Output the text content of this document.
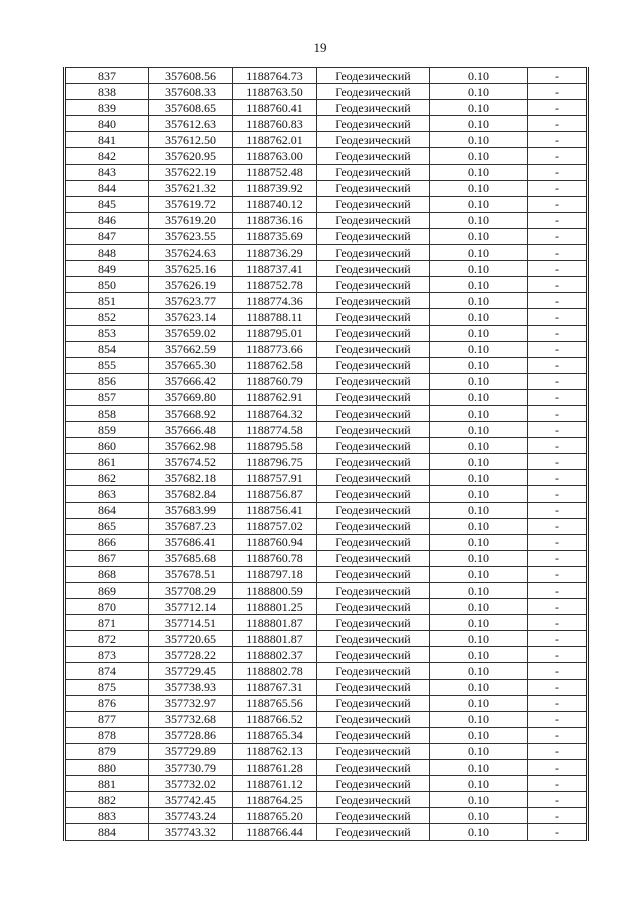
19
837	357608.56	1188764.73	Геодезический	0.10	-
838	357608.33	1188763.50	Геодезический	0.10	-
839	357608.65	1188760.41	Геодезический	0.10	-
840	357612.63	1188760.83	Геодезический	0.10	-
841	357612.50	1188762.01	Геодезический	0.10	-
842	357620.95	1188763.00	Геодезический	0.10	-
843	357622.19	1188752.48	Геодезический	0.10	-
844	357621.32	1188739.92	Геодезический	0.10	-
845	357619.72	1188740.12	Геодезический	0.10	-
846	357619.20	1188736.16	Геодезический	0.10	-
847	357623.55	1188735.69	Геодезический	0.10	-
848	357624.63	1188736.29	Геодезический	0.10	-
849	357625.16	1188737.41	Геодезический	0.10	-
850	357626.19	1188752.78	Геодезический	0.10	-
851	357623.77	1188774.36	Геодезический	0.10	-
852	357623.14	1188788.11	Геодезический	0.10	-
853	357659.02	1188795.01	Геодезический	0.10	-
854	357662.59	1188773.66	Геодезический	0.10	-
855	357665.30	1188762.58	Геодезический	0.10	-
856	357666.42	1188760.79	Геодезический	0.10	-
857	357669.80	1188762.91	Геодезический	0.10	-
858	357668.92	1188764.32	Геодезический	0.10	-
859	357666.48	1188774.58	Геодезический	0.10	-
860	357662.98	1188795.58	Геодезический	0.10	-
861	357674.52	1188796.75	Геодезический	0.10	-
862	357682.18	1188757.91	Геодезический	0.10	-
863	357682.84	1188756.87	Геодезический	0.10	-
864	357683.99	1188756.41	Геодезический	0.10	-
865	357687.23	1188757.02	Геодезический	0.10	-
866	357686.41	1188760.94	Геодезический	0.10	-
867	357685.68	1188760.78	Геодезический	0.10	-
868	357678.51	1188797.18	Геодезический	0.10	-
869	357708.29	1188800.59	Геодезический	0.10	-
870	357712.14	1188801.25	Геодезический	0.10	-
871	357714.51	1188801.87	Геодезический	0.10	-
872	357720.65	1188801.87	Геодезический	0.10	-
873	357728.22	1188802.37	Геодезический	0.10	-
874	357729.45	1188802.78	Геодезический	0.10	-
875	357738.93	1188767.31	Геодезический	0.10	-
876	357732.97	1188765.56	Геодезический	0.10	-
877	357732.68	1188766.52	Геодезический	0.10	-
878	357728.86	1188765.34	Геодезический	0.10	-
879	357729.89	1188762.13	Геодезический	0.10	-
880	357730.79	1188761.28	Геодезический	0.10	-
881	357732.02	1188761.12	Геодезический	0.10	-
882	357742.45	1188764.25	Геодезический	0.10	-
883	357743.24	1188765.20	Геодезический	0.10	-
884	357743.32	1188766.44	Геодезический	0.10	-
